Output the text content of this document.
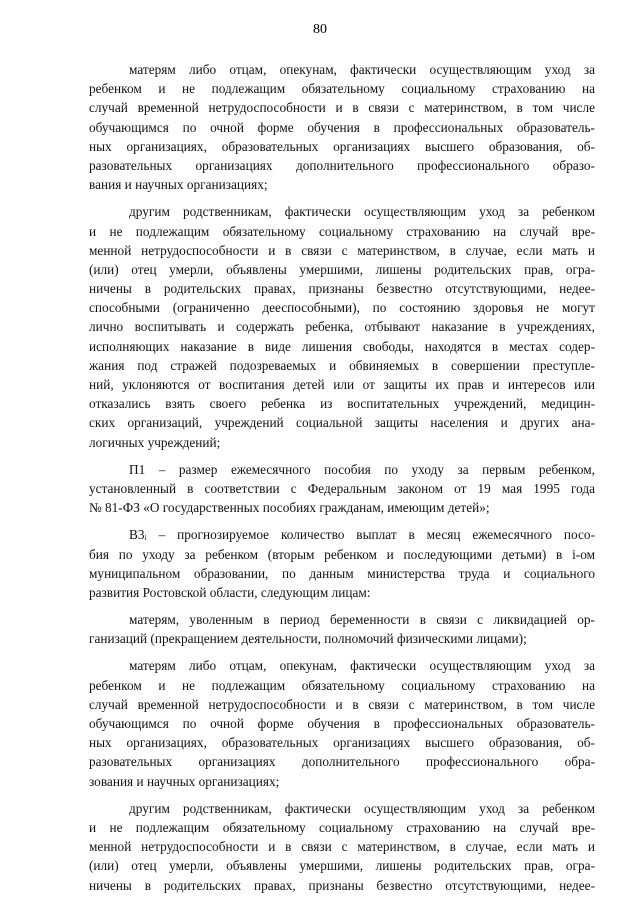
80
матерям либо отцам, опекунам, фактически осуществляющим уход за
ребенком и не подлежащим обязательному социальному страхованию на
случай временной нетрудоспособности и в связи с материнством, в том числе
обучающимся по очной форме обучения в профессиональных образователь-
ных организациях, образовательных организациях высшего образования, об-
разовательных организациях дополнительного профессионального образо-
вания и научных организациях;
другим родственникам, фактически осуществляющим уход за ребенком
и не подлежащим обязательному социальному страхованию на случай вре-
менной нетрудоспособности и в связи с материнством, в случае, если мать и
(или) отец умерли, объявлены умершими, лишены родительских прав, огра-
ничены в родительских правах, признаны безвестно отсутствующими, недее-
способными (ограниченно дееспособными), по состоянию здоровья не могут
лично воспитывать и содержать ребенка, отбывают наказание в учреждениях,
исполняющих наказание в виде лишения свободы, находятся в местах содер-
жания под стражей подозреваемых и обвиняемых в совершении преступле-
ний, уклоняются от воспитания детей или от защиты их прав и интересов или
отказались взять своего ребенка из воспитательных учреждений, медицин-
ских организаций, учреждений социальной защиты населения и других ана-
логичных учреждений;
П1 – размер ежемесячного пособия по уходу за первым ребенком,
установленный в соответствии с Федеральным законом от 19 мая 1995 года
№ 81-ФЗ «О государственных пособиях гражданам, имеющим детей»;
В3ᵢ – прогнозируемое количество выплат в месяц ежемесячного посо-
бия по уходу за ребенком (вторым ребенком и последующими детьми) в i-ом
муниципальном образовании, по данным министерства труда и социального
развития Ростовской области, следующим лицам:
матерям, уволенным в период беременности в связи с ликвидацией ор-
ганизаций (прекращением деятельности, полномочий физическими лицами);
матерям либо отцам, опекунам, фактически осуществляющим уход за
ребенком и не подлежащим обязательному социальному страхованию на
случай временной нетрудоспособности и в связи с материнством, в том числе
обучающимся по очной форме обучения в профессиональных образователь-
ных организациях, образовательных организациях высшего образования, об-
разовательных организациях дополнительного профессионального обра-
зования и научных организациях;
другим родственникам, фактически осуществляющим уход за ребенком
и не подлежащим обязательному социальному страхованию на случай вре-
менной нетрудоспособности и в связи с материнством, в случае, если мать и
(или) отец умерли, объявлены умершими, лишены родительских прав, огра-
ничены в родительских правах, признаны безвестно отсутствующими, недее-
